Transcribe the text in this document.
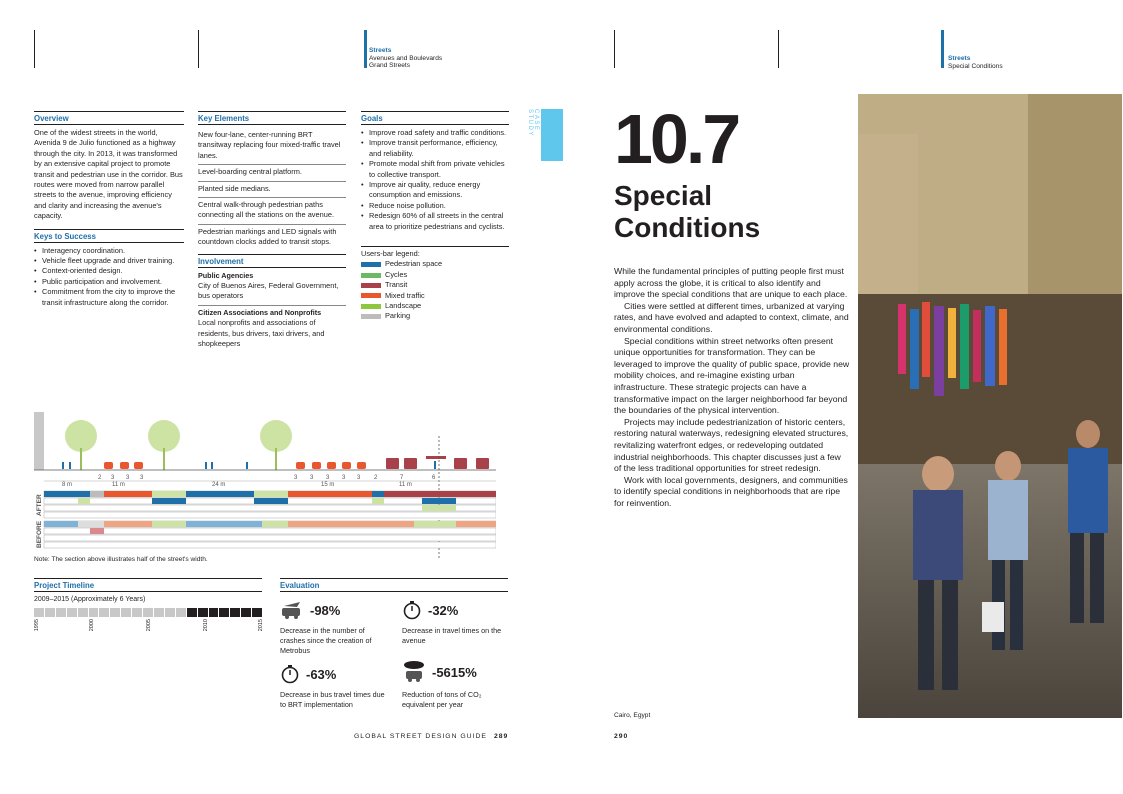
Streets
Avenues and Boulevards
Grand Streets
Streets
Special Conditions
CASE STUDY
Overview

One of the widest streets in the world, Avenida 9 de Julio functioned as a highway through the city. In 2013, it was transformed by an extensive capital project to promote transit and pedestrian use in the corridor. Bus routes were moved from narrow parallel streets to the avenue, improving efficiency and clarity and increasing the avenue's capacity.

Keys to Success
• Interagency coordination.
• Vehicle fleet upgrade and driver training.
• Context-oriented design.
• Public participation and involvement.
• Commitment from the city to improve the transit infrastructure along the corridor.
Key Elements
New four-lane, center-running BRT transitway replacing four mixed-traffic travel lanes.
Level-boarding central platform.
Planted side medians.
Central walk-through pedestrian paths connecting all the stations on the avenue.
Pedestrian markings and LED signals with countdown clocks added to transit stops.
Involvement
Public Agencies
City of Buenos Aires, Federal Government, bus operators
Citizen Associations and Nonprofits
Local nonprofits and associations of residents, bus drivers, taxi drivers, and shopkeepers
Goals
• Improve road safety and traffic conditions.
• Improve transit performance, efficiency, and reliability.
• Promote modal shift from private vehicles to collective transport.
• Improve air quality, reduce energy consumption and emissions.
• Reduce noise pollution.
• Redesign 60% of all streets in the central area to prioritize pedestrians and cyclists.
Users-bar legend:
Pedestrian space
Cycles
Transit
Mixed traffic
Landscape
Parking
2 3 3 3
8 m	11 m	24 m
3 3 3 3 3 2	7	6
15 m	11 m
AFTER
BEFORE
Note: The section above illustrates half of the street's width.
Project Timeline
2009–2015 (Approximately 6 Years)
1995	2000	2005	2010	2015
Evaluation
-98%
Decrease in the number of crashes since the creation of Metrobus
-32%
Decrease in travel times on the avenue
-63%
Decrease in bus travel times due to BRT implementation
-5615%
Reduction of tons of CO₂ equivalent per year
10.7
Special
Conditions

While the fundamental principles of putting people first must apply across the globe, it is critical to also identify and improve the special conditions that are unique to each place.

Cities were settled at different times, urbanized at varying rates, and have evolved and adapted to context, climate, and environmental conditions.

Special conditions within street networks often present unique opportunities for transformation. They can be leveraged to improve the quality of public space, provide new mobility choices, and re-imagine existing urban infrastructure. These strategic projects can have a transformative impact on the larger neighborhood far beyond the boundaries of the physical intervention.

Projects may include pedestrianization of historic centers, restoring natural waterways, redesigning elevated structures, revitalizing waterfront edges, or redeveloping outdated industrial neighborhoods. This chapter discusses just a few of the less traditional opportunities for street redesign.

Work with local governments, designers, and communities to identify special conditions in neighborhoods that are ripe for reinvention.

Cairo, Egypt
GLOBAL STREET DESIGN GUIDE 289	290
